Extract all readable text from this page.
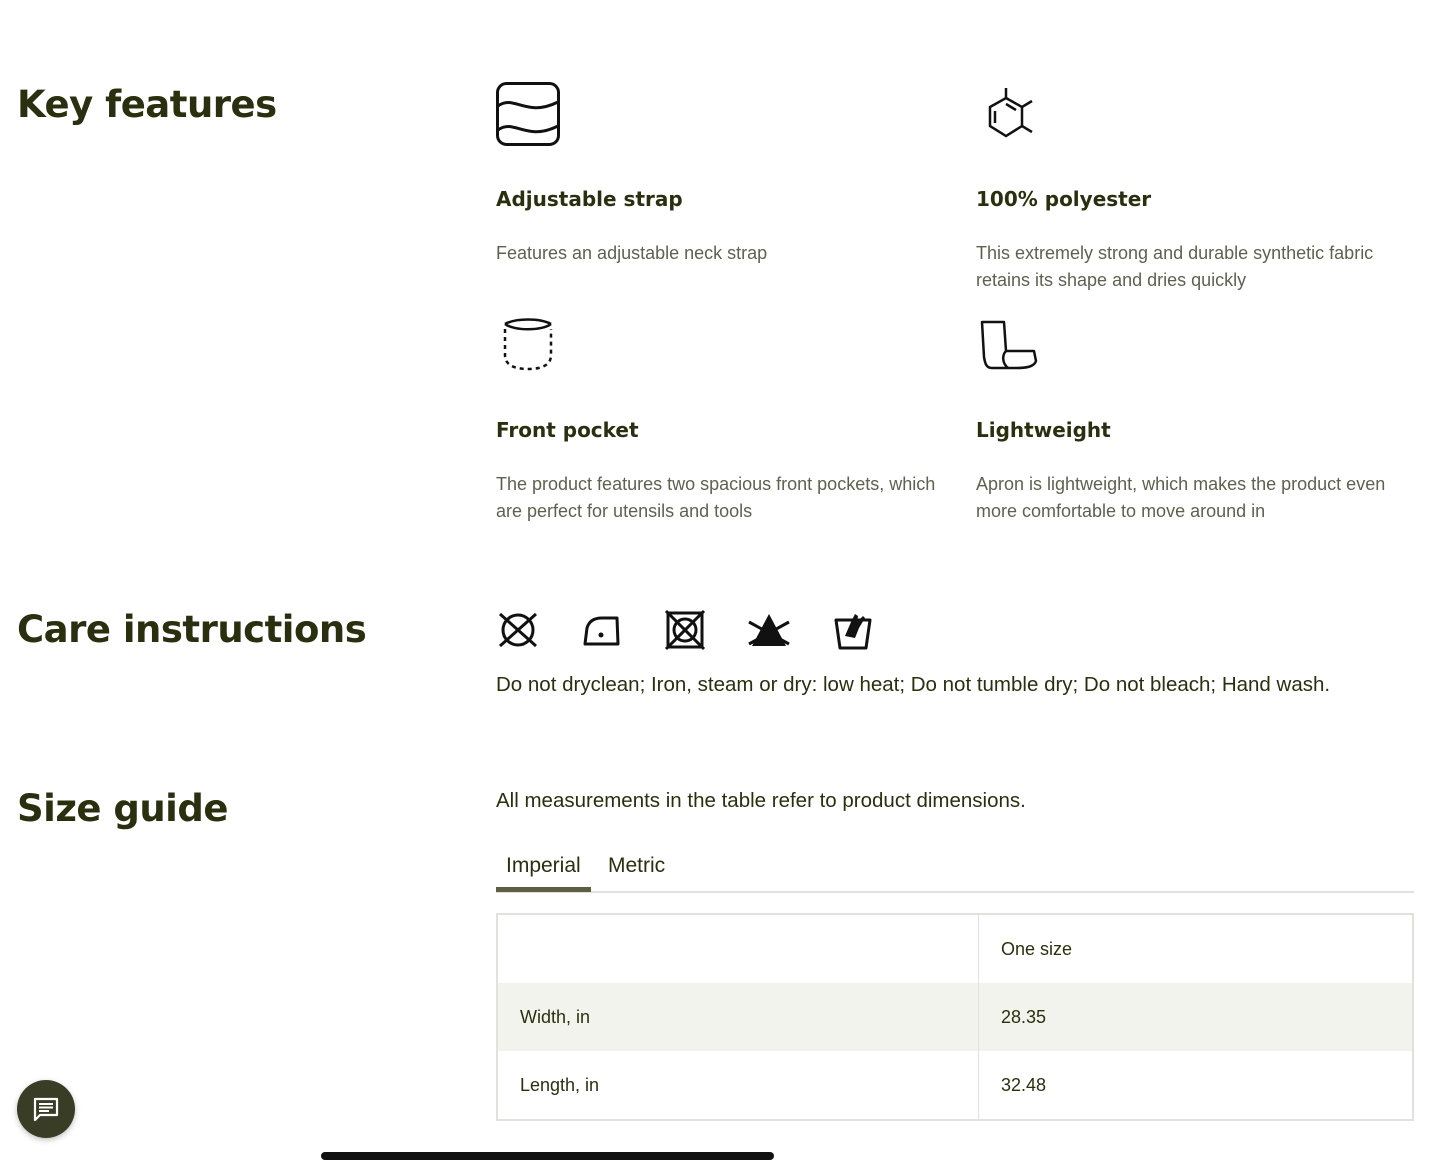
Key features
Adjustable strap

Features an adjustable neck strap

100% polyester

This extremely strong and durable synthetic fabric retains its shape and dries quickly

Front pocket

The product features two spacious front pockets, which are perfect for utensils and tools

Lightweight

Apron is lightweight, which makes the product even more comfortable to move around in

Care instructions

Do not dryclean; Iron, steam or dry: low heat; Do not tumble dry; Do not bleach; Hand wash.

Size guide	All measurements in the table refer to product dimensions.

Imperial	Metric
	One size
Width, in	28.35
Length, in	32.48
